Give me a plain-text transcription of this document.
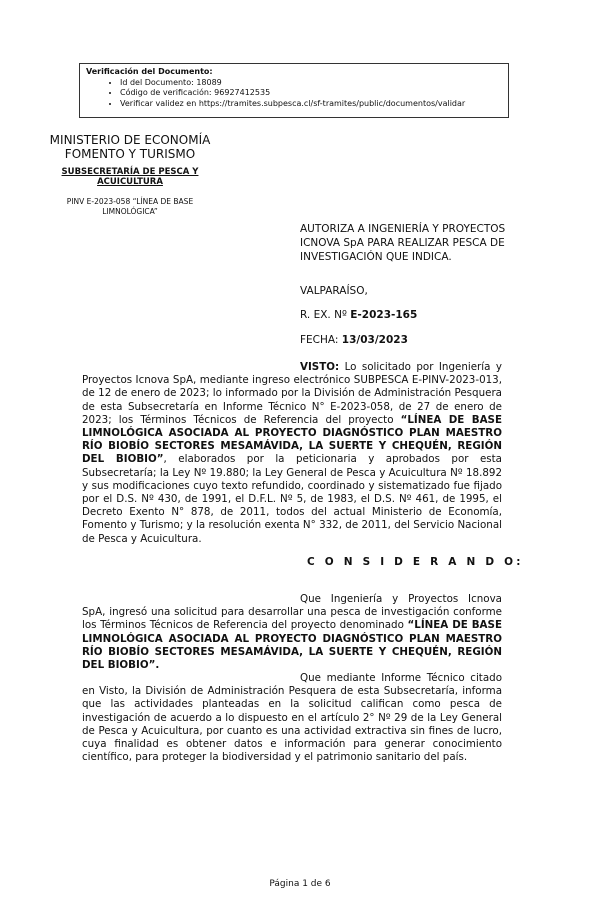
Verificación del Documento:
• Id del Documento: 18089
• Código de verificación: 96927412535
• Verificar validez en https://tramites.subpesca.cl/sf-tramites/public/documentos/validar
MINISTERIO DE ECONOMÍA
FOMENTO Y TURISMO
SUBSECRETARÍA DE PESCA Y ACUICULTURA
PINV E-2023-058 “LÍNEA DE BASE LIMNOLÓGICA”
AUTORIZA A INGENIERÍA Y PROYECTOS ICNOVA SpA PARA REALIZAR PESCA DE INVESTIGACIÓN QUE INDICA.
VALPARAÍSO,
R. EX. Nº E-2023-165
FECHA: 13/03/2023

VISTO: Lo solicitado por Ingeniería y Proyectos Icnova SpA, mediante ingreso electrónico SUBPESCA E-PINV-2023-013, de 12 de enero de 2023; lo informado por la División de Administración Pesquera de esta Subsecretaría en Informe Técnico N° E-2023-058, de 27 de enero de 2023; los Términos Técnicos de Referencia del proyecto “LÍNEA DE BASE LIMNOLÓGICA ASOCIADA AL PROYECTO DIAGNÓSTICO PLAN MAESTRO RÍO BIOBÍO SECTORES MESAMÁVIDA, LA SUERTE Y CHEQUÉN, REGIÓN DEL BIOBIO”, elaborados por la peticionaria y aprobados por esta Subsecretaría; la Ley Nº 19.880; la Ley General de Pesca y Acuicultura Nº 18.892 y sus modificaciones cuyo texto refundido, coordinado y sistematizado fue fijado por el D.S. Nº 430, de 1991, el D.F.L. Nº 5, de 1983, el D.S. Nº 461, de 1995, el Decreto Exento N° 878, de 2011, todos del actual Ministerio de Economía, Fomento y Turismo; y la resolución exenta N° 332, de 2011, del Servicio Nacional de Pesca y Acuicultura.

C O N S I D E R A N D O:

Que Ingeniería y Proyectos Icnova SpA, ingresó una solicitud para desarrollar una pesca de investigación conforme los Términos Técnicos de Referencia del proyecto denominado “LÍNEA DE BASE LIMNOLÓGICA ASOCIADA AL PROYECTO DIAGNÓSTICO PLAN MAESTRO RÍO BIOBÍO SECTORES MESAMÁVIDA, LA SUERTE Y CHEQUÉN, REGIÓN DEL BIOBIO”.

Que mediante Informe Técnico citado en Visto, la División de Administración Pesquera de esta Subsecretaría, informa que las actividades planteadas en la solicitud califican como pesca de investigación de acuerdo a lo dispuesto en el artículo 2° Nº 29 de la Ley General de Pesca y Acuicultura, por cuanto es una actividad extractiva sin fines de lucro, cuya finalidad es obtener datos e información para generar conocimiento científico, para proteger la biodiversidad y el patrimonio sanitario del país.

Página 1 de 6
